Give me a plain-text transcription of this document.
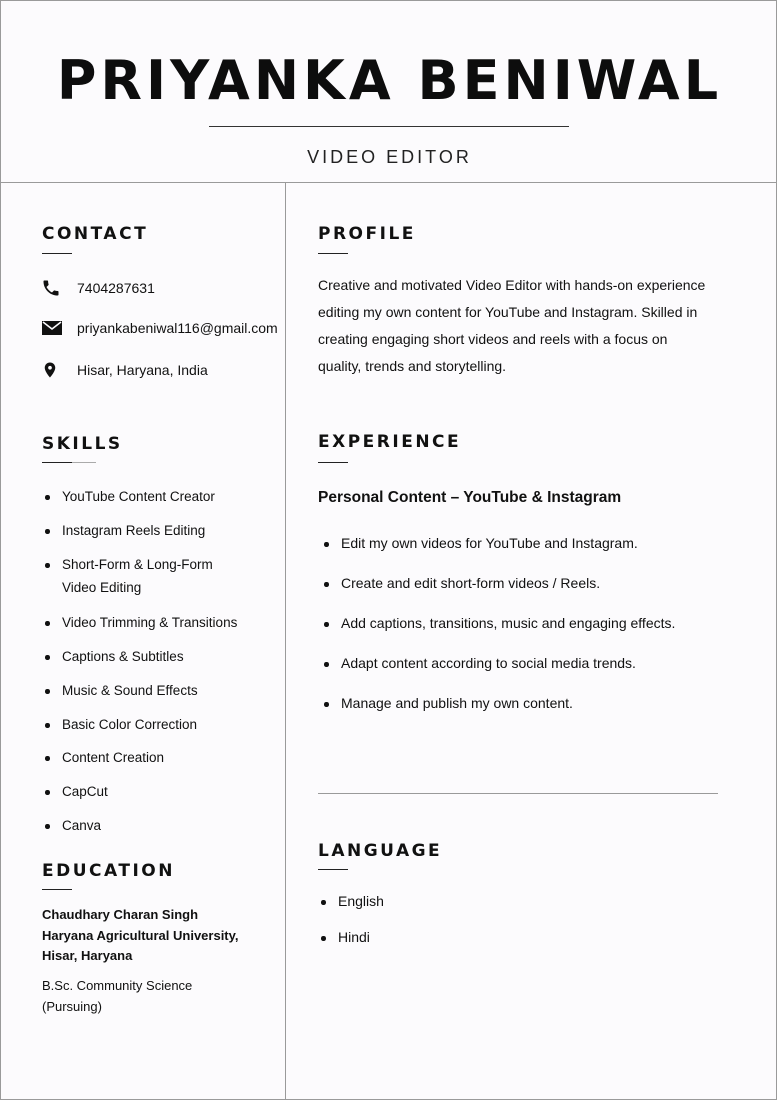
PRIYANKA BENIWAL
VIDEO EDITOR
CONTACT
7404287631
priyankabeniwal116@gmail.com
Hisar, Haryana, India
SKILLS
YouTube Content Creator
Instagram Reels Editing
Short-Form & Long-Form
Video Editing
Video Trimming & Transitions
Captions & Subtitles
Music & Sound Effects
Basic Color Correction
Content Creation
CapCut
Canva
EDUCATION
Chaudhary Charan Singh
Haryana Agricultural University,
Hisar, Haryana
B.Sc. Community Science
(Pursuing)
PROFILE
Creative and motivated Video Editor with hands-on experience
editing my own content for YouTube and Instagram. Skilled in
creating engaging short videos and reels with a focus on
quality, trends and storytelling.
EXPERIENCE
Personal Content – YouTube & Instagram
Edit my own videos for YouTube and Instagram.
Create and edit short-form videos / Reels.
Add captions, transitions, music and engaging effects.
Adapt content according to social media trends.
Manage and publish my own content.
LANGUAGE
English
Hindi
